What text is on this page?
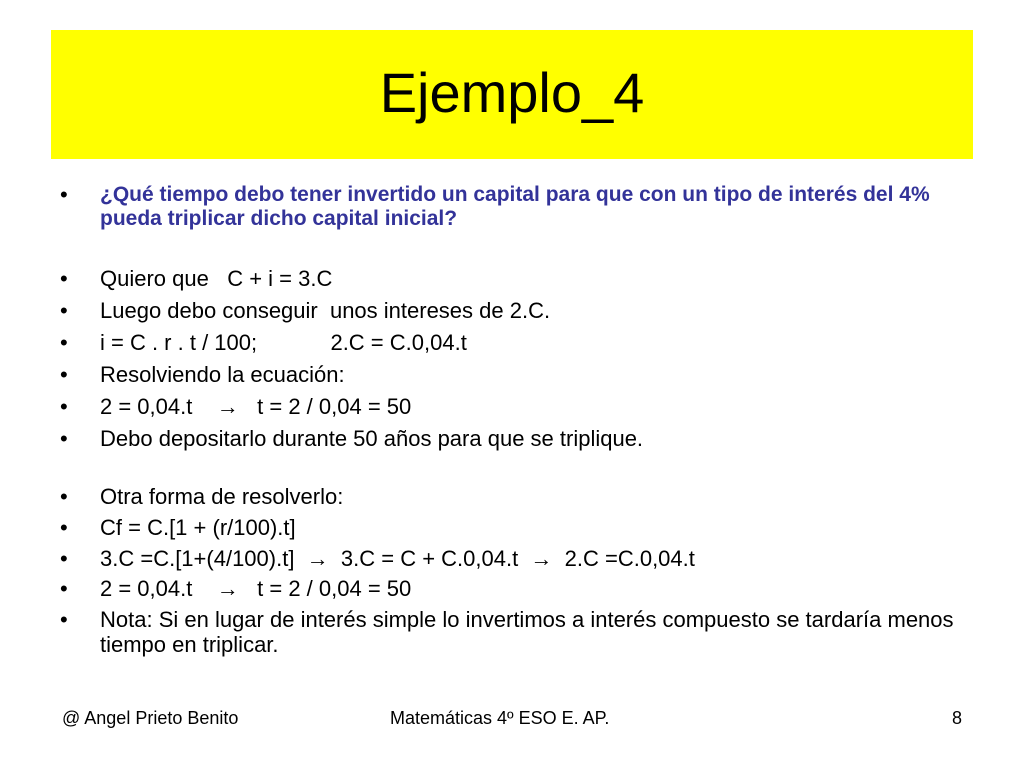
Ejemplo_4
•	¿Qué tiempo debo tener invertido un capital para que con un tipo de interés del 4% pueda triplicar dicho capital inicial?
•	Quiero que   C + i = 3.C
•	Luego debo conseguir  unos intereses de 2.C.
•	i = C . r . t / 100;            2.C = C.0,04.t
•	Resolviendo la ecuación:
•	2 = 0,04.t    →   t = 2 / 0,04 = 50
•	Debo depositarlo durante 50 años para que se triplique.
•	Otra forma de resolverlo:
•	Cf = C.[1 + (r/100).t]
•	3.C =C.[1+(4/100).t]  →  3.C = C + C.0,04.t  →  2.C =C.0,04.t
•	2 = 0,04.t    →   t = 2 / 0,04 = 50
•	Nota: Si en lugar de interés simple lo invertimos a interés compuesto se tardaría menos tiempo en triplicar.
@ Angel Prieto Benito	Matemáticas 4º ESO E. AP.	8
